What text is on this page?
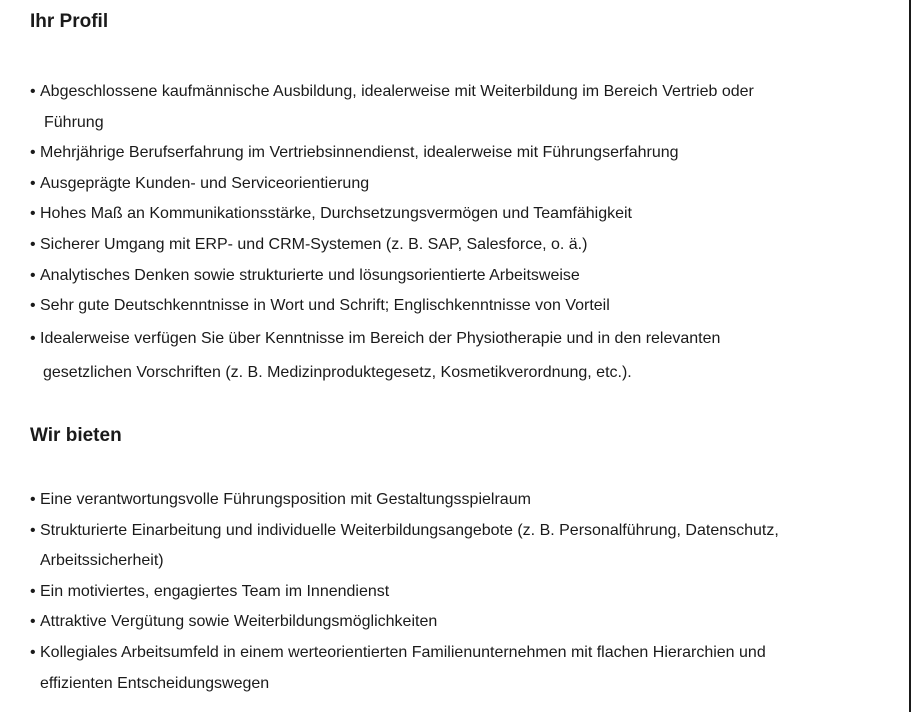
Ihr Profil
• Abgeschlossene kaufmännische Ausbildung, idealerweise mit Weiterbildung im Bereich Vertrieb oder
Führung
• Mehrjährige Berufserfahrung im Vertriebsinnendienst, idealerweise mit Führungserfahrung
• Ausgeprägte Kunden- und Serviceorientierung
• Hohes Maß an Kommunikationsstärke, Durchsetzungsvermögen und Teamfähigkeit
• Sicherer Umgang mit ERP- und CRM-Systemen (z. B. SAP, Salesforce, o. ä.)
• Analytisches Denken sowie strukturierte und lösungsorientierte Arbeitsweise
• Sehr gute Deutschkenntnisse in Wort und Schrift; Englischkenntnisse von Vorteil
• Idealerweise verfügen Sie über Kenntnisse im Bereich der Physiotherapie und in den relevanten
gesetzlichen Vorschriften (z. B. Medizinproduktegesetz, Kosmetikverordnung, etc.).
Wir bieten
• Eine verantwortungsvolle Führungsposition mit Gestaltungsspielraum
• Strukturierte Einarbeitung und individuelle Weiterbildungsangebote (z. B. Personalführung, Datenschutz,
Arbeitssicherheit)
• Ein motiviertes, engagiertes Team im Innendienst
• Attraktive Vergütung sowie Weiterbildungsmöglichkeiten
• Kollegiales Arbeitsumfeld in einem werteorientierten Familienunternehmen mit flachen Hierarchien und
effizienten Entscheidungswegen
